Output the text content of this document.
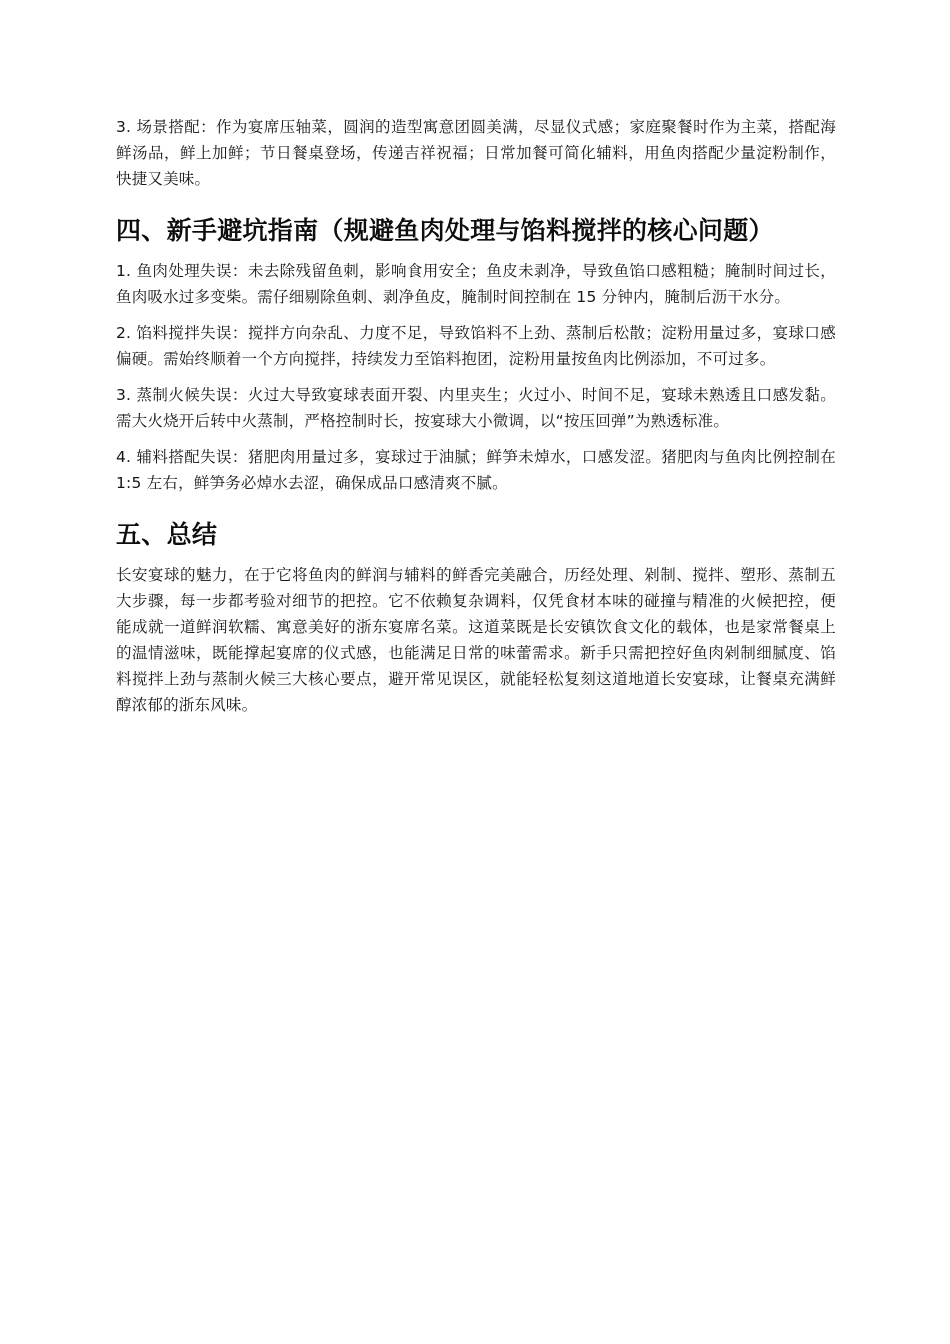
3. 场景搭配：作为宴席压轴菜，圆润的造型寓意团圆美满，尽显仪式感；家庭聚餐时作为主菜，搭配海鲜汤品，鲜上加鲜；节日餐桌登场，传递吉祥祝福；日常加餐可简化辅料，用鱼肉搭配少量淀粉制作，快捷又美味。

四、新手避坑指南（规避鱼肉处理与馅料搅拌的核心问题）

1. 鱼肉处理失误：未去除残留鱼刺，影响食用安全；鱼皮未剥净，导致鱼馅口感粗糙；腌制时间过长，鱼肉吸水过多变柴。需仔细剔除鱼刺、剥净鱼皮，腌制时间控制在 15 分钟内，腌制后沥干水分。

2. 馅料搅拌失误：搅拌方向杂乱、力度不足，导致馅料不上劲、蒸制后松散；淀粉用量过多，宴球口感偏硬。需始终顺着一个方向搅拌，持续发力至馅料抱团，淀粉用量按鱼肉比例添加，不可过多。

3. 蒸制火候失误：火过大导致宴球表面开裂、内里夹生；火过小、时间不足，宴球未熟透且口感发黏。需大火烧开后转中火蒸制，严格控制时长，按宴球大小微调，以“按压回弹”为熟透标准。

4. 辅料搭配失误：猪肥肉用量过多，宴球过于油腻；鲜笋未焯水，口感发涩。猪肥肉与鱼肉比例控制在 1:5 左右，鲜笋务必焯水去涩，确保成品口感清爽不腻。

五、总结

长安宴球的魅力，在于它将鱼肉的鲜润与辅料的鲜香完美融合，历经处理、剁制、搅拌、塑形、蒸制五大步骤，每一步都考验对细节的把控。它不依赖复杂调料，仅凭食材本味的碰撞与精准的火候把控，便能成就一道鲜润软糯、寓意美好的浙东宴席名菜。这道菜既是长安镇饮食文化的载体，也是家常餐桌上的温情滋味，既能撑起宴席的仪式感，也能满足日常的味蕾需求。新手只需把控好鱼肉剁制细腻度、馅料搅拌上劲与蒸制火候三大核心要点，避开常见误区，就能轻松复刻这道地道长安宴球，让餐桌充满鲜醇浓郁的浙东风味。
